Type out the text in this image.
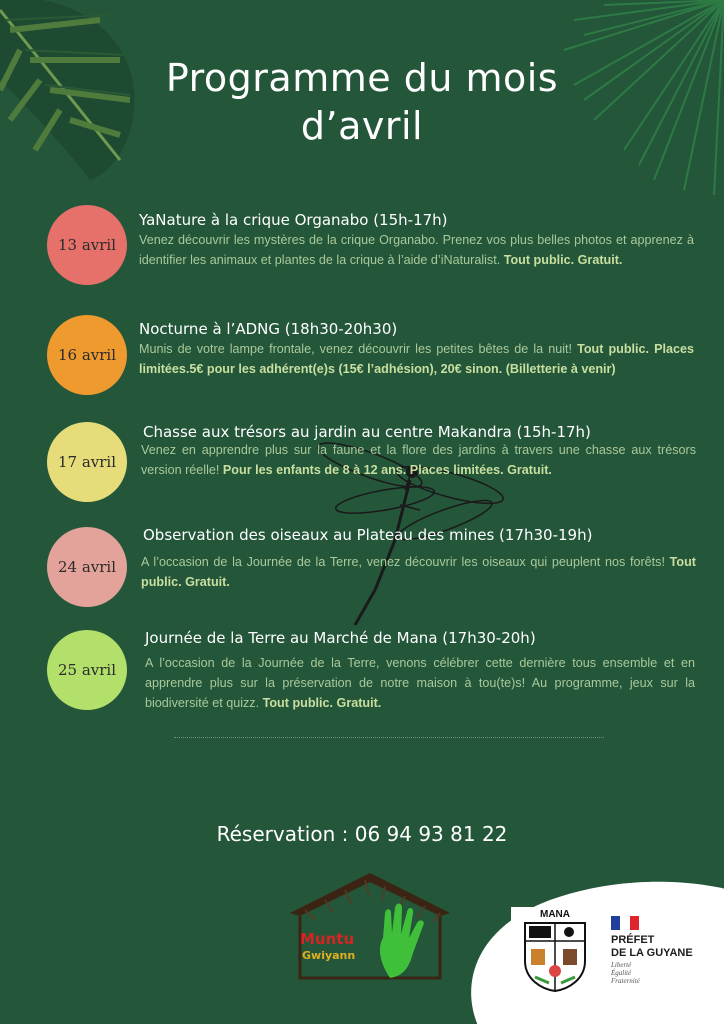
Programme du mois
d’avril
13 avril
YaNature à la crique Organabo (15h-17h)
Venez découvrir les mystères de la crique Organabo. Prenez vos plus belles photos et apprenez à identifier les animaux et plantes de la crique à l’aide d’iNaturalist. Tout public. Gratuit.
16 avril
Nocturne à l’ADNG (18h30-20h30)
Munis de votre lampe frontale, venez découvrir les petites bêtes de la nuit! Tout public. Places limitées.5€ pour les adhérent(e)s (15€ l’adhésion), 20€ sinon. (Billetterie à venir)
17 avril
Chasse aux trésors au jardin au centre Makandra (15h-17h)
Venez en apprendre plus sur la faune et la flore des jardins à travers une chasse aux trésors version réelle! Pour les enfants de 8 à 12 ans. Places limitées. Gratuit.
24 avril
Observation des oiseaux au Plateau des mines (17h30-19h)
A l’occasion de la Journée de la Terre, venez découvrir les oiseaux qui peuplent nos forêts! Tout public. Gratuit.
25 avril
Journée de la Terre au Marché de Mana (17h30-20h)
A l’occasion de la Journée de la Terre, venons célébrer cette dernière tous ensemble et en apprendre plus sur la préservation de notre maison à tou(te)s! Au programme, jeux sur la biodiversité et quizz. Tout public. Gratuit.
Réservation : 06 94 93 81 22
Muntu
Gwiyann
MANA
PRÉFET
DE LA GUYANE
Liberté
Égalité
Fraternité
